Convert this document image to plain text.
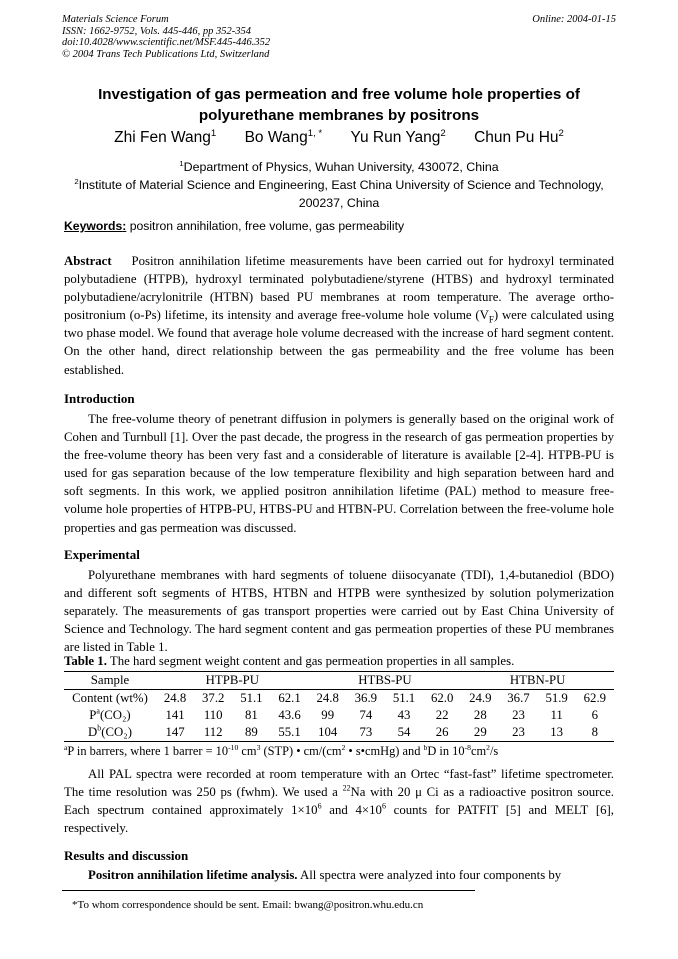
Materials Science Forum
ISSN: 1662-9752, Vols. 445-446, pp 352-354
doi:10.4028/www.scientific.net/MSF.445-446.352
© 2004 Trans Tech Publications Ltd, Switzerland
Online: 2004-01-15
Investigation of gas permeation and free volume hole properties of
polyurethane membranes by positrons
Zhi Fen Wang$^1$ Bo Wang$^{1, *}$ Yu Run Yang$^2$ Chun Pu Hu$^2$
$^1$Department of Physics, Wuhan University, 430072, China
$^2$Institute of Material Science and Engineering, East China University of Science and Technology,
200237, China
Keywords: positron annihilation, free volume, gas permeability
Abstract Positron annihilation lifetime measurements have been carried out for hydroxyl terminated polybutadiene (HTPB), hydroxyl terminated polybutadiene/styrene (HTBS) and hydroxyl terminated polybutadiene/acrylonitrile (HTBN) based PU membranes at room temperature. The average ortho-positronium (o-Ps) lifetime, its intensity and average free-volume hole volume $(V_F)$ were calculated using two phase model. We found that average hole volume decreased with the increase of hard segment content. On the other hand, direct relationship between the gas permeability and the free volume has been established.
Introduction
The free-volume theory of penetrant diffusion in polymers is generally based on the original work of Cohen and Turnbull [1]. Over the past decade, the progress in the research of gas permeation properties by the free-volume theory has been very fast and a considerable of literature is available [2-4]. HTPB-PU is used for gas separation because of the low temperature flexibility and high separation between hard and soft segments. In this work, we applied positron annihilation lifetime (PAL) method to measure free-volume hole properties of HTPB-PU, HTBS-PU and HTBN-PU. Correlation between the free-volume hole properties and gas permeation was discussed.
Experimental
Polyurethane membranes with hard segments of toluene diisocyanate (TDI), 1,4-butanediol (BDO) and different soft segments of HTBS, HTBN and HTPB were synthesized by solution polymerization separately. The measurements of gas transport properties were carried out by East China University of Science and Technology. The hard segment content and gas permeation properties of these PU membranes are listed in Table 1.
Table 1. The hard segment weight content and gas permeation properties in all samples.
Sample	HTPB-PU				HTBS-PU				HTBN-PU			
Content (wt%)	24.8	37.2	51.1	62.1	24.8	36.9	51.1	62.0	24.9	36.7	51.9	62.9
$P^a(CO_2)$	141	110	81	43.6	99	74	43	22	28	23	11	6
$D^b(CO_2)$	147	112	89	55.1	104	73	54	26	29	23	13	8
$^a$P in barrers, where 1 barrer = $10^{-10}$ $cm^3$ (STP) • $cm/(cm^2$ • s•cmHg) and $^b$D in $10^{-8}cm^2/s$
All PAL spectra were recorded at room temperature with an Ortec “fast-fast” lifetime spectrometer. The time resolution was 250 ps (fwhm). We used a $^{22}$Na with 20 μ Ci as a radioactive positron source. Each spectrum contained approximately $1\times 10^6$ and $4\times 10^6$ counts for PATFIT [5] and MELT [6], respectively.
Results and discussion
Positron annihilation lifetime analysis. All spectra were analyzed into four components by
*To whom correspondence should be sent. Email: bwang@positron.whu.edu.cn
